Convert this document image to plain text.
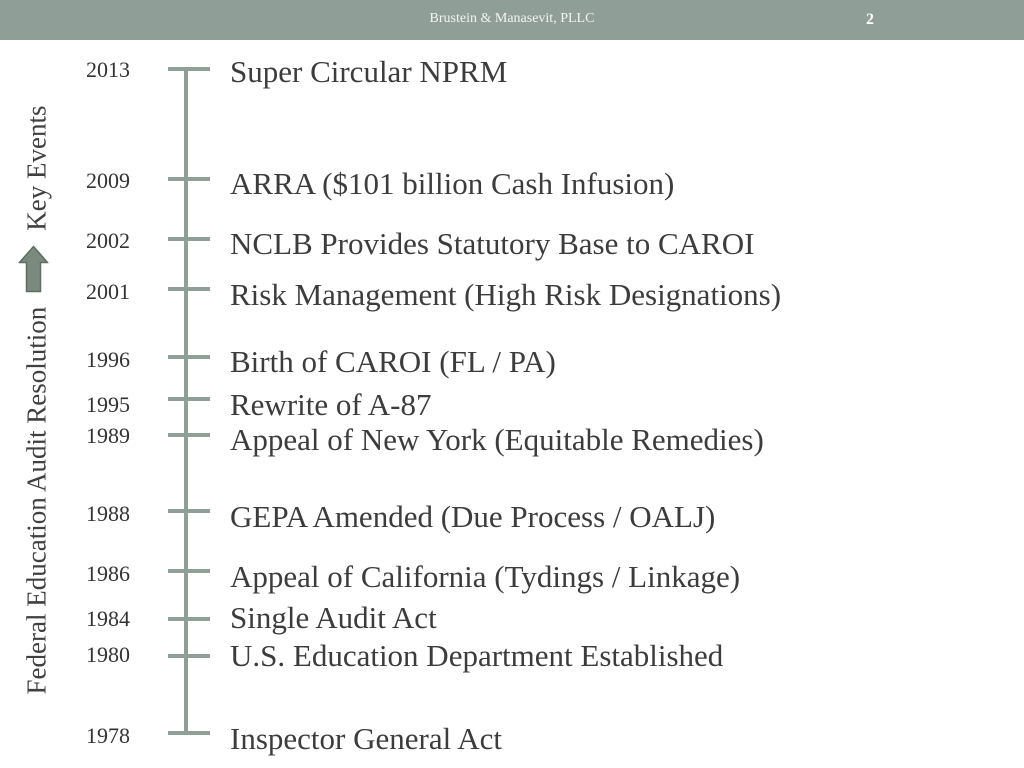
Brustein & Manasevit, PLLC	2
Federal Education Audit Resolution
Key Events
2013	Super Circular NPRM
2009	ARRA ($101 billion Cash Infusion)
2002	NCLB Provides Statutory Base to CAROI
2001	Risk Management (High Risk Designations)
1996	Birth of CAROI (FL / PA)
1995	Rewrite of A-87
1989	Appeal of New York (Equitable Remedies)
1988	GEPA Amended (Due Process / OALJ)
1986	Appeal of California (Tydings / Linkage)
1984	Single Audit Act
1980	U.S. Education Department Established
1978	Inspector General Act
